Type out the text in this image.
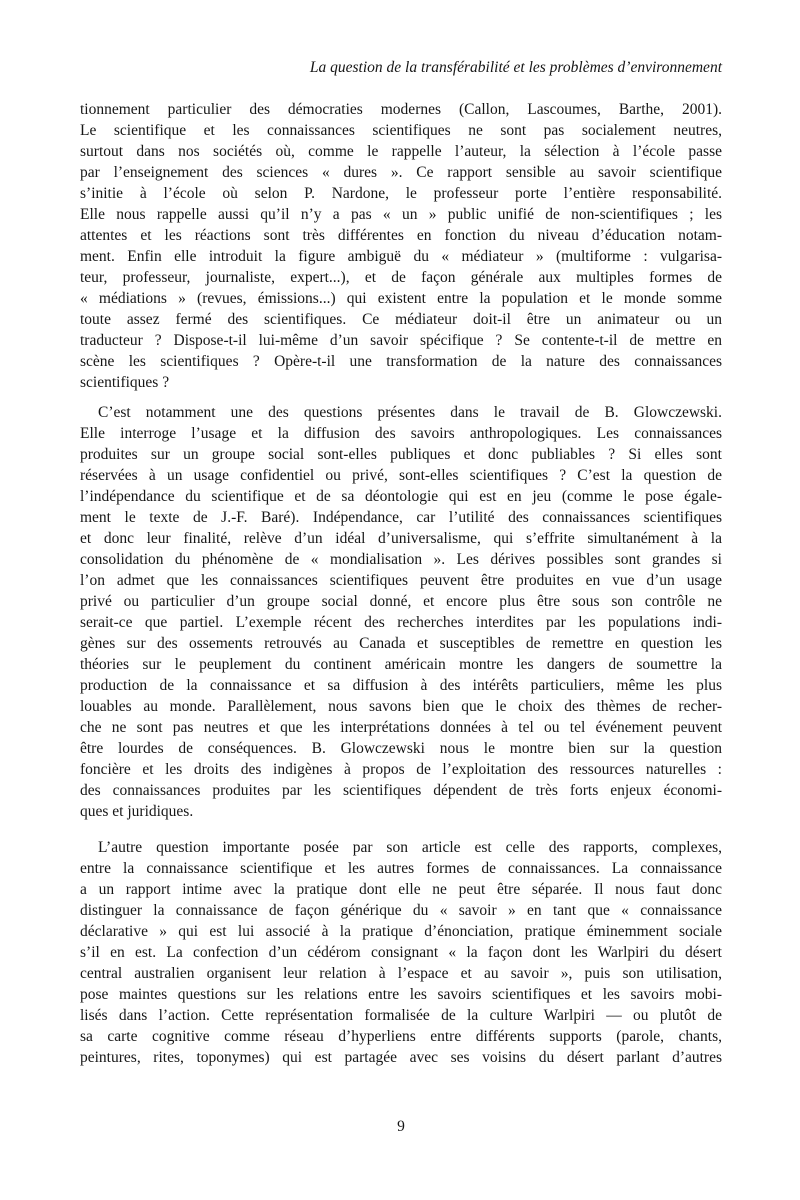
La question de la transférabilité et les problèmes d’environnement
tionnement particulier des démocraties modernes (Callon, Lascoumes, Barthe, 2001).
Le scientifique et les connaissances scientifiques ne sont pas socialement neutres,
surtout dans nos sociétés où, comme le rappelle l’auteur, la sélection à l’école passe
par l’enseignement des sciences « dures ». Ce rapport sensible au savoir scientifique
s’initie à l’école où selon P. Nardone, le professeur porte l’entière responsabilité.
Elle nous rappelle aussi qu’il n’y a pas « un » public unifié de non-scientifiques ; les
attentes et les réactions sont très différentes en fonction du niveau d’éducation notam-
ment. Enfin elle introduit la figure ambiguë du « médiateur » (multiforme : vulgarisa-
teur, professeur, journaliste, expert...), et de façon générale aux multiples formes de
« médiations » (revues, émissions...) qui existent entre la population et le monde somme
toute assez fermé des scientifiques. Ce médiateur doit-il être un animateur ou un
traducteur ? Dispose-t-il lui-même d’un savoir spécifique ? Se contente-t-il de mettre en
scène les scientifiques ? Opère-t-il une transformation de la nature des connaissances
scientifiques ?
C’est notamment une des questions présentes dans le travail de B. Glowczewski.
Elle interroge l’usage et la diffusion des savoirs anthropologiques. Les connaissances
produites sur un groupe social sont-elles publiques et donc publiables ? Si elles sont
réservées à un usage confidentiel ou privé, sont-elles scientifiques ? C’est la question de
l’indépendance du scientifique et de sa déontologie qui est en jeu (comme le pose égale-
ment le texte de J.-F. Baré). Indépendance, car l’utilité des connaissances scientifiques
et donc leur finalité, relève d’un idéal d’universalisme, qui s’effrite simultanément à la
consolidation du phénomène de « mondialisation ». Les dérives possibles sont grandes si
l’on admet que les connaissances scientifiques peuvent être produites en vue d’un usage
privé ou particulier d’un groupe social donné, et encore plus être sous son contrôle ne
serait-ce que partiel. L’exemple récent des recherches interdites par les populations indi-
gènes sur des ossements retrouvés au Canada et susceptibles de remettre en question les
théories sur le peuplement du continent américain montre les dangers de soumettre la
production de la connaissance et sa diffusion à des intérêts particuliers, même les plus
louables au monde. Parallèlement, nous savons bien que le choix des thèmes de recher-
che ne sont pas neutres et que les interprétations données à tel ou tel événement peuvent
être lourdes de conséquences. B. Glowczewski nous le montre bien sur la question
foncière et les droits des indigènes à propos de l’exploitation des ressources naturelles :
des connaissances produites par les scientifiques dépendent de très forts enjeux économi-
ques et juridiques.
L’autre question importante posée par son article est celle des rapports, complexes,
entre la connaissance scientifique et les autres formes de connaissances. La connaissance
a un rapport intime avec la pratique dont elle ne peut être séparée. Il nous faut donc
distinguer la connaissance de façon générique du « savoir » en tant que « connaissance
déclarative » qui est lui associé à la pratique d’énonciation, pratique éminemment sociale
s’il en est. La confection d’un cédérom consignant « la façon dont les Warlpiri du désert
central australien organisent leur relation à l’espace et au savoir », puis son utilisation,
pose maintes questions sur les relations entre les savoirs scientifiques et les savoirs mobi-
lisés dans l’action. Cette représentation formalisée de la culture Warlpiri — ou plutôt de
sa carte cognitive comme réseau d’hyperliens entre différents supports (parole, chants,
peintures, rites, toponymes) qui est partagée avec ses voisins du désert parlant d’autres
9
